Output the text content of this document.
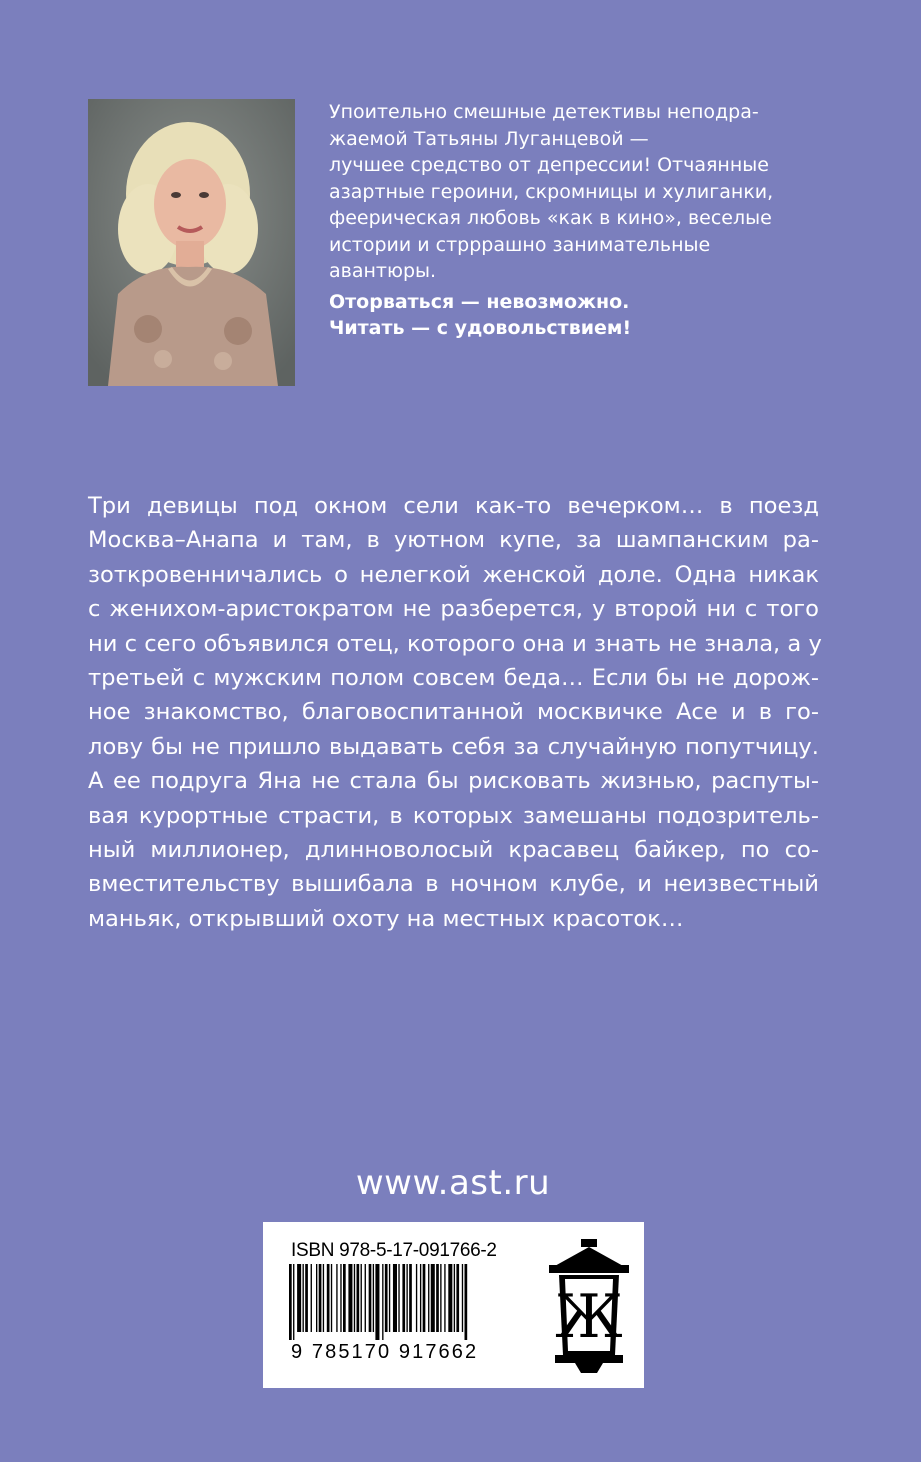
Упоительно смешные детективы неподра-

жаемой Татьяны Луганцевой —

лучшее средство от депрессии! Отчаянные

азартные героини, скромницы и хулиганки,

феерическая любовь «как в кино», веселые

истории и стрррашно занимательные

авантюры.

Оторваться — невозможно.

Читать — с удовольствием!

Три девицы под окном сели как-то вечерком… в поезд
Москва–Анапа и там, в уютном купе, за шампанским ра-
зоткровенничались о нелегкой женской доле. Одна никак
с женихом-аристократом не разберется, у второй ни с того
ни с сего объявился отец, которого она и знать не знала, а у
третьей с мужским полом совсем беда… Если бы не дорож-
ное знакомство, благовоспитанной москвичке Асе и в го-
лову бы не пришло выдавать себя за случайную попутчицу.
А ее подруга Яна не стала бы рисковать жизнью, распуты-
вая курортные страсти, в которых замешаны подозритель-
ный миллионер, длинноволосый красавец байкер, по со-
вместительству вышибала в ночном клубе, и неизвестный
маньяк, открывший охоту на местных красоток…
www.ast.ru
ISBN 978-5-17-091766-2
9 785170 917662 Ж
